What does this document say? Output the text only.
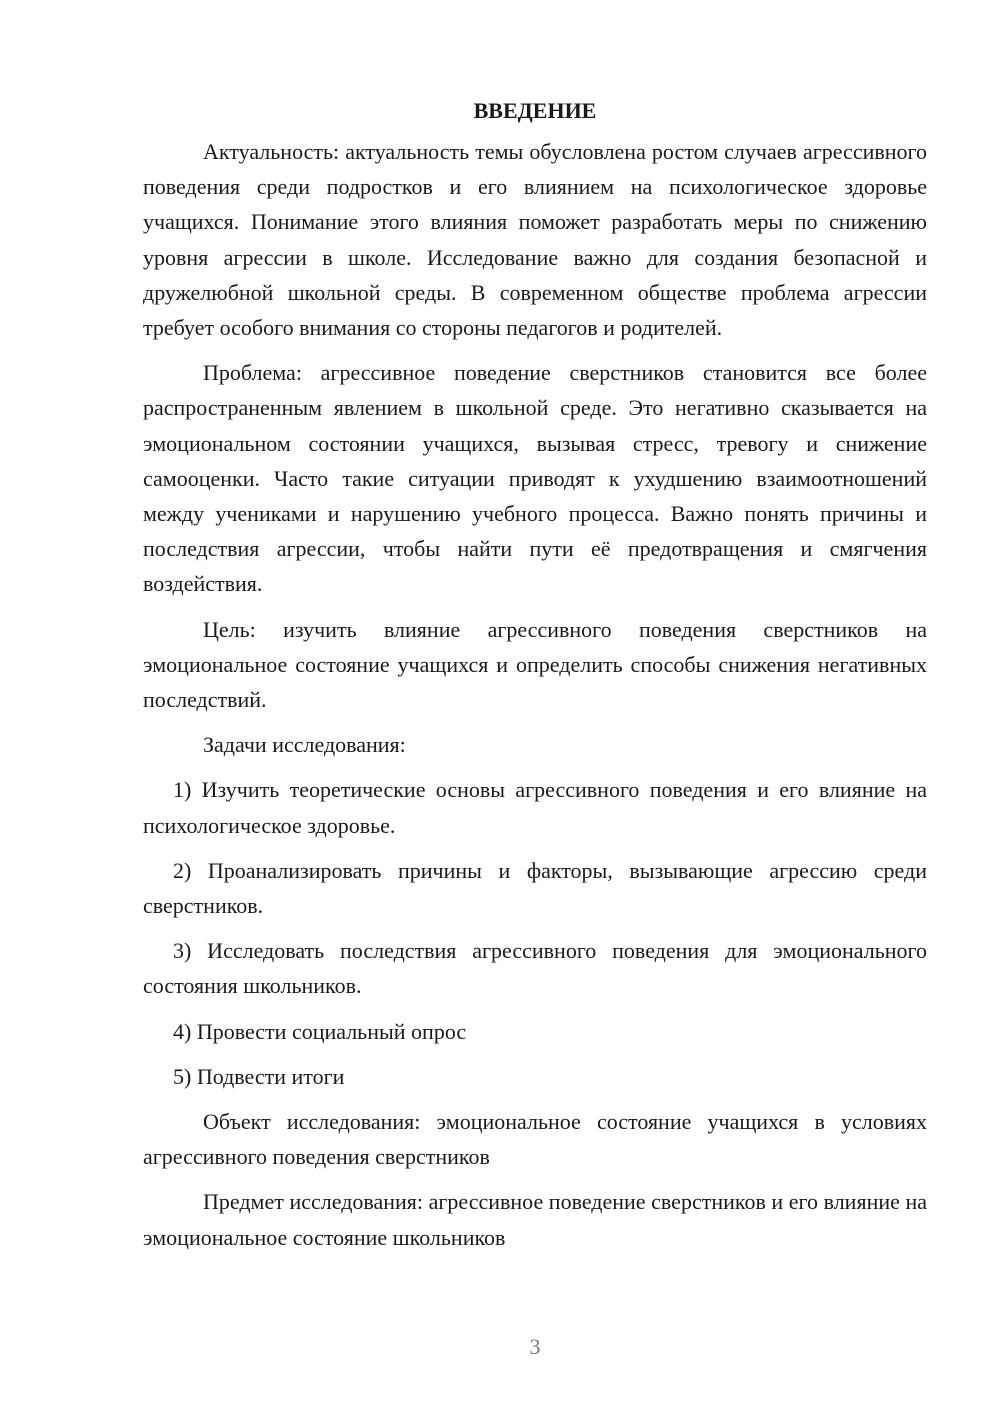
ВВЕДЕНИЕ

Актуальность: актуальность темы обусловлена ростом случаев агрессивного поведения среди подростков и его влиянием на психологическое здоровье учащихся. Понимание этого влияния поможет разработать меры по снижению уровня агрессии в школе. Исследование важно для создания безопасной и дружелюбной школьной среды. В современном обществе проблема агрессии требует особого внимания со стороны педагогов и родителей.

Проблема: агрессивное поведение сверстников становится все более распространенным явлением в школьной среде. Это негативно сказывается на эмоциональном состоянии учащихся, вызывая стресс, тревогу и снижение самооценки. Часто такие ситуации приводят к ухудшению взаимоотношений между учениками и нарушению учебного процесса. Важно понять причины и последствия агрессии, чтобы найти пути её предотвращения и смягчения воздействия.

Цель: изучить влияние агрессивного поведения сверстников на эмоциональное состояние учащихся и определить способы снижения негативных последствий.

Задачи исследования:

1) Изучить теоретические основы агрессивного поведения и его влияние на психологическое здоровье.

2) Проанализировать причины и факторы, вызывающие агрессию среди сверстников.

3) Исследовать последствия агрессивного поведения для эмоционального состояния школьников.

4) Провести социальный опрос

5) Подвести итоги

Объект исследования: эмоциональное состояние учащихся в условиях агрессивного поведения сверстников

Предмет исследования: агрессивное поведение сверстников и его влияние на эмоциональное состояние школьников

3
